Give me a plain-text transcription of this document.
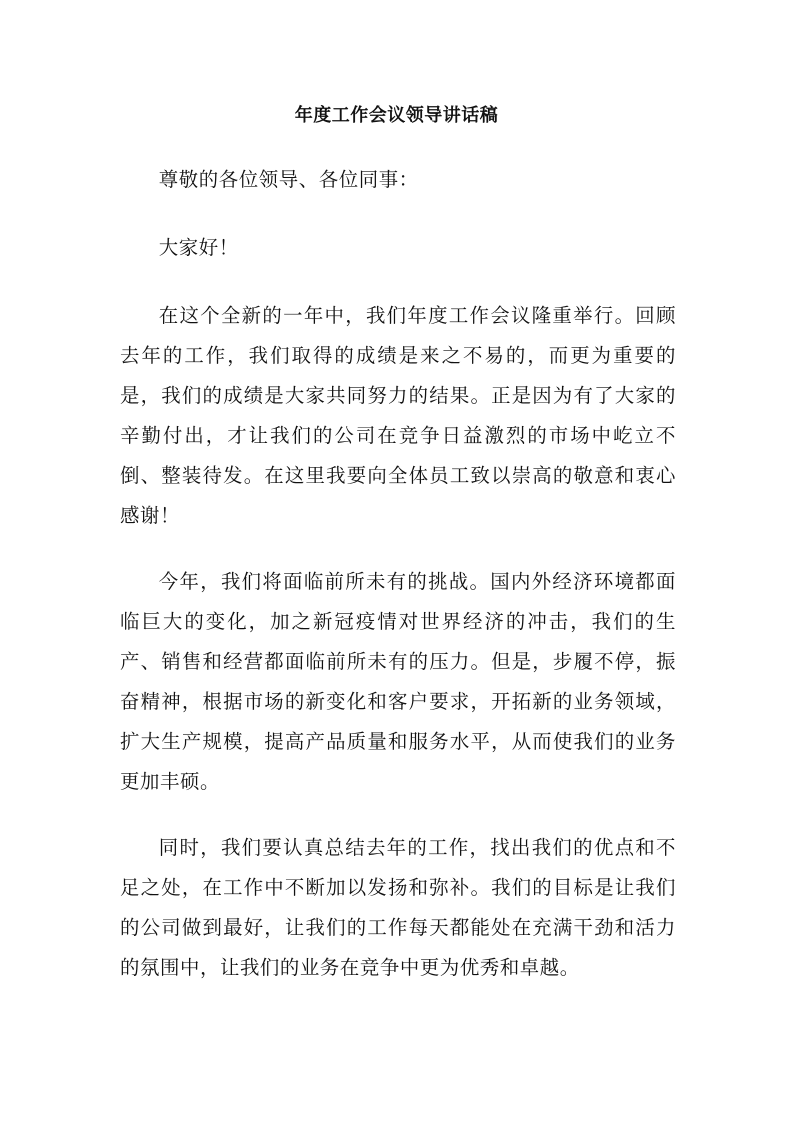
年度工作会议领导讲话稿

尊敬的各位领导、各位同事：

大家好！

在这个全新的一年中，我们年度工作会议隆重举行。回顾去年的工作，我们取得的成绩是来之不易的，而更为重要的是，我们的成绩是大家共同努力的结果。正是因为有了大家的辛勤付出，才让我们的公司在竞争日益激烈的市场中屹立不倒、整装待发。在这里我要向全体员工致以崇高的敬意和衷心感谢！

今年，我们将面临前所未有的挑战。国内外经济环境都面临巨大的变化，加之新冠疫情对世界经济的冲击，我们的生产、销售和经营都面临前所未有的压力。但是，步履不停，振奋精神，根据市场的新变化和客户要求，开拓新的业务领域，扩大生产规模，提高产品质量和服务水平，从而使我们的业务更加丰硕。

同时，我们要认真总结去年的工作，找出我们的优点和不足之处，在工作中不断加以发扬和弥补。我们的目标是让我们的公司做到最好，让我们的工作每天都能处在充满干劲和活力的氛围中，让我们的业务在竞争中更为优秀和卓越。
